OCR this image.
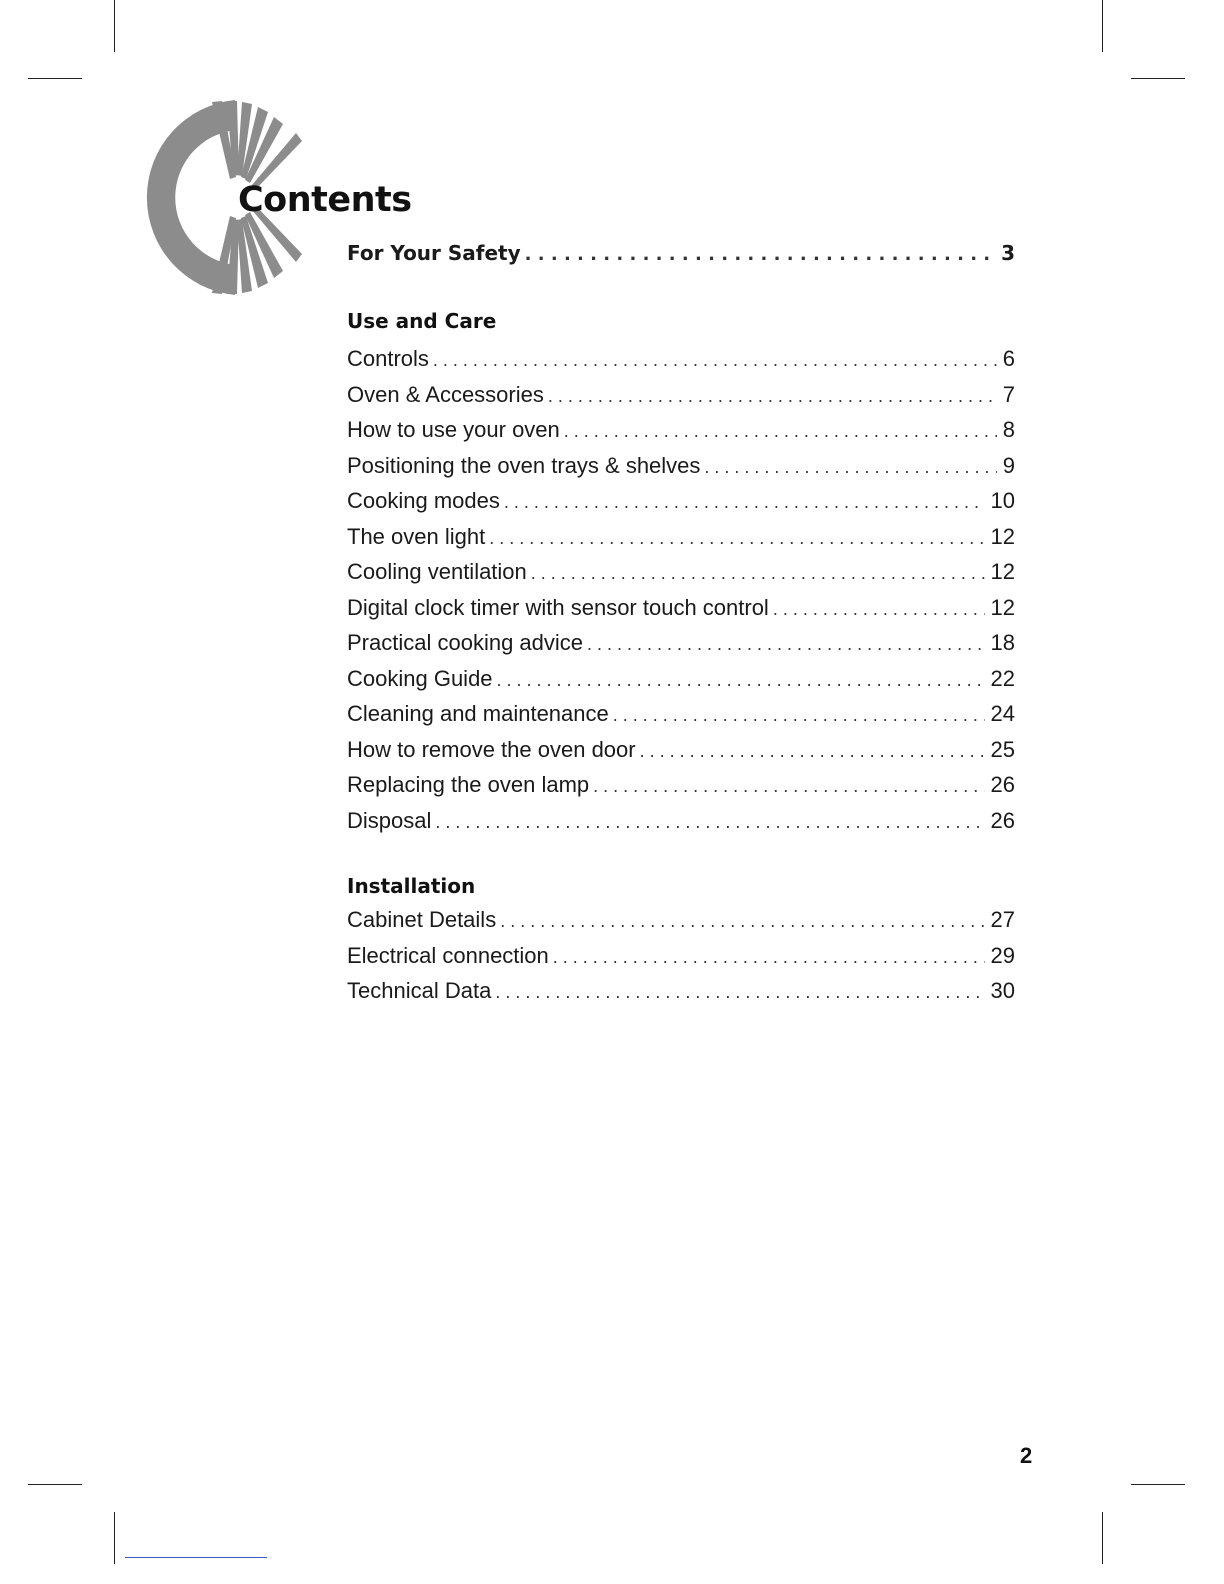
Contents
For Your Safety . . .	3
Use and Care
Controls . . .	6
Oven & Accessories . . .	7
How to use your oven . . .	8
Positioning the oven trays & shelves . . .	9
Cooking modes . . .	10
The oven light . . .	12
Cooling ventilation . . .	12
Digital clock timer with sensor touch control . . .	12
Practical cooking advice . . .	18
Cooking Guide . . .	22
Cleaning and maintenance . . .	24
How to remove the oven door . . .	25
Replacing the oven lamp . . .	26
Disposal . . .	26
Installation
Cabinet Details . . .	27
Electrical connection . . .	29
Technical Data . . .	30
2
